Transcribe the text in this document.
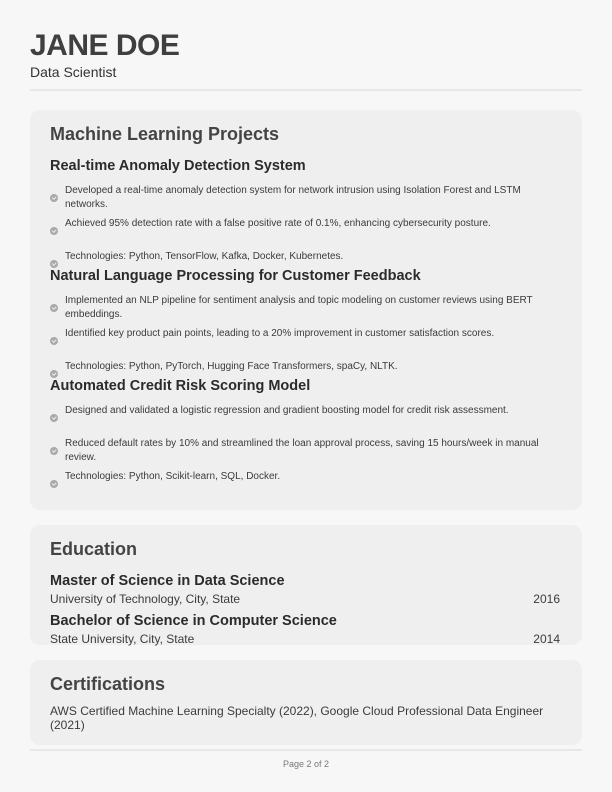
JANE DOE
Data Scientist
Machine Learning Projects
Real-time Anomaly Detection System
Developed a real-time anomaly detection system for network intrusion using Isolation Forest and LSTM networks.
Achieved 95% detection rate with a false positive rate of 0.1%, enhancing cybersecurity posture.
Technologies: Python, TensorFlow, Kafka, Docker, Kubernetes.
Natural Language Processing for Customer Feedback
Implemented an NLP pipeline for sentiment analysis and topic modeling on customer reviews using BERT embeddings.
Identified key product pain points, leading to a 20% improvement in customer satisfaction scores.
Technologies: Python, PyTorch, Hugging Face Transformers, spaCy, NLTK.
Automated Credit Risk Scoring Model
Designed and validated a logistic regression and gradient boosting model for credit risk assessment.
Reduced default rates by 10% and streamlined the loan approval process, saving 15 hours/week in manual review.
Technologies: Python, Scikit-learn, SQL, Docker.
Education
Master of Science in Data Science
University of Technology, City, State	2016
Bachelor of Science in Computer Science
State University, City, State	2014
Certifications
AWS Certified Machine Learning Specialty (2022), Google Cloud Professional Data Engineer (2021)
Page 2 of 2
